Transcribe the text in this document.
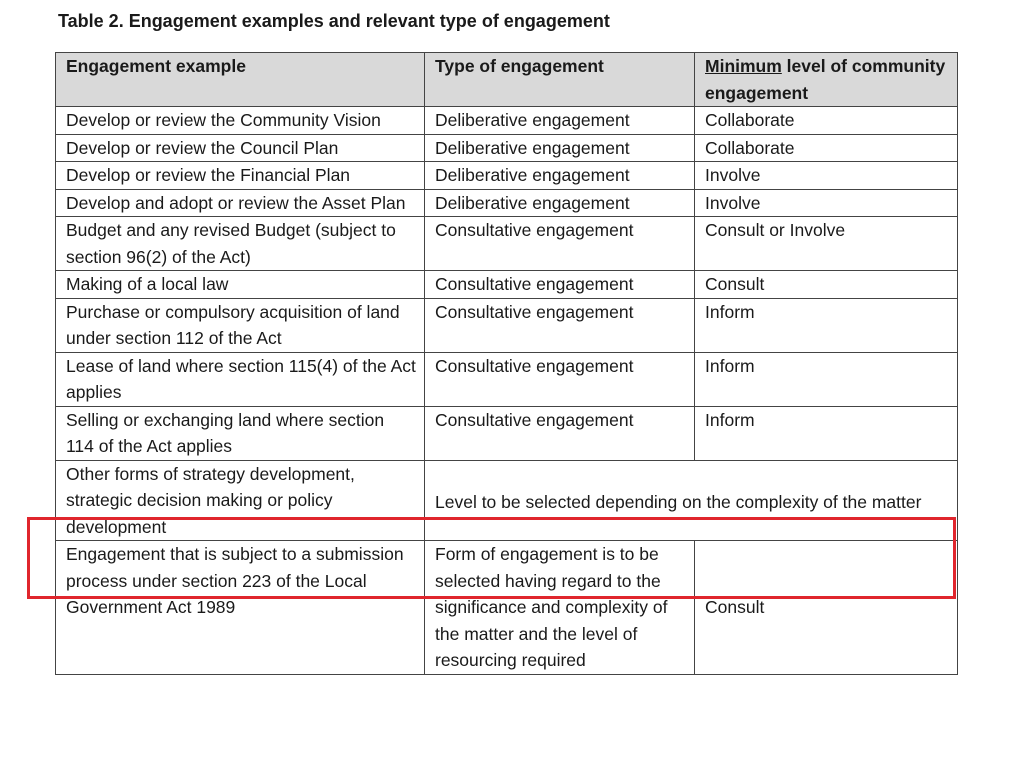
Table 2. Engagement examples and relevant type of engagement
Engagement example	Type of engagement	Minimum level of community engagement
Develop or review the Community Vision	Deliberative engagement	Collaborate
Develop or review the Council Plan	Deliberative engagement	Collaborate
Develop or review the Financial Plan	Deliberative engagement	Involve
Develop and adopt or review the Asset Plan	Deliberative engagement	Involve
Budget and any revised Budget (subject to section 96(2) of the Act)	Consultative engagement	Consult or Involve
Making of a local law	Consultative engagement	Consult
Purchase or compulsory acquisition of land under section 112 of the Act	Consultative engagement	Inform
Lease of land where section 115(4) of the Act applies	Consultative engagement	Inform
Selling or exchanging land where section 114 of the Act applies	Consultative engagement	Inform
Other forms of strategy development, strategic decision making or policy development	Level to be selected depending on the complexity of the matter	
Engagement that is subject to a submission process under section 223 of the Local Government Act 1989	Form of engagement is to be selected having regard to the significance and complexity of the matter and the level of resourcing required	Consult
